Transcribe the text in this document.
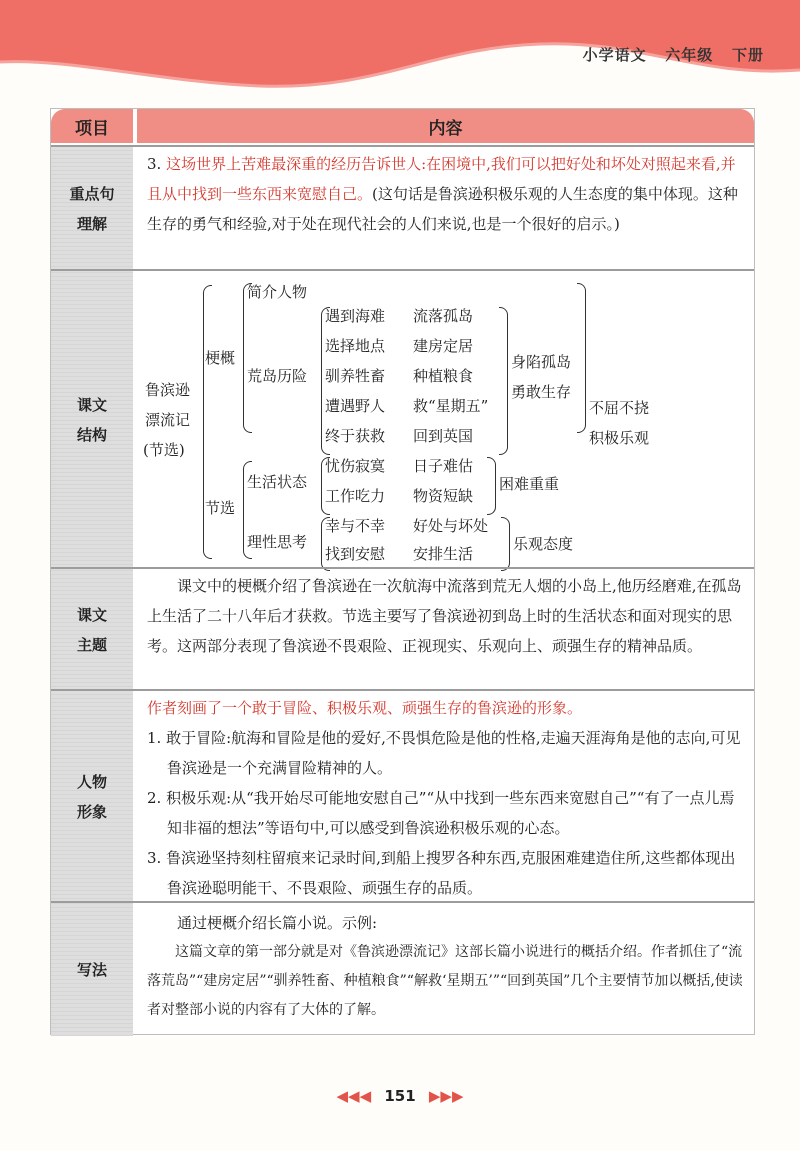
小学语文 六年级 下册
项目	内容
重点句
理解

3. 这场世界上苦难最深重的经历告诉世人:在困境中,我们可以把好处和坏处对照起来看,并且从中找到一些东西来宽慰自己。(这句话是鲁滨逊积极乐观的人生态度的集中体现。这种生存的勇气和经验,对于处在现代社会的人们来说,也是一个很好的启示。)

课文
结构
鲁滨逊
漂流记
(节选)
梗概
简介人物
荒岛历险
遇到海难
选择地点
驯养牲畜
遭遇野人
终于获救
流落孤岛
建房定居
种植粮食
救“星期五”
回到英国
身陷孤岛
勇敢生存
不屈不挠
积极乐观
节选
生活状态
忧伤寂寞
工作吃力
日子难估
物资短缺
困难重重
理性思考
幸与不幸
找到安慰
好处与坏处
安排生活
乐观态度
课文
主题

课文中的梗概介绍了鲁滨逊在一次航海中流落到荒无人烟的小岛上,他历经磨难,在孤岛上生活了二十八年后才获救。节选主要写了鲁滨逊初到岛上时的生活状态和面对现实的思考。这两部分表现了鲁滨逊不畏艰险、正视现实、乐观向上、顽强生存的精神品质。

人物
形象

作者刻画了一个敢于冒险、积极乐观、顽强生存的鲁滨逊的形象。

1. 敢于冒险:航海和冒险是他的爱好,不畏惧危险是他的性格,走遍天涯海角是他的志向,可见鲁滨逊是一个充满冒险精神的人。

2. 积极乐观:从“我开始尽可能地安慰自己”“从中找到一些东西来宽慰自己”“有了一点儿焉知非福的想法”等语句中,可以感受到鲁滨逊积极乐观的心态。

3. 鲁滨逊坚持刻柱留痕来记录时间,到船上搜罗各种东西,克服困难建造住所,这些都体现出鲁滨逊聪明能干、不畏艰险、顽强生存的品质。

写法

通过梗概介绍长篇小说。示例:

这篇文章的第一部分就是对《鲁滨逊漂流记》这部长篇小说进行的概括介绍。作者抓住了“流落荒岛”“建房定居”“驯养牲畜、种植粮食”“解救‘星期五’”“回到英国”几个主要情节加以概括,使读者对整部小说的内容有了大体的了解。

◀◀◀ 151 ▶▶▶
